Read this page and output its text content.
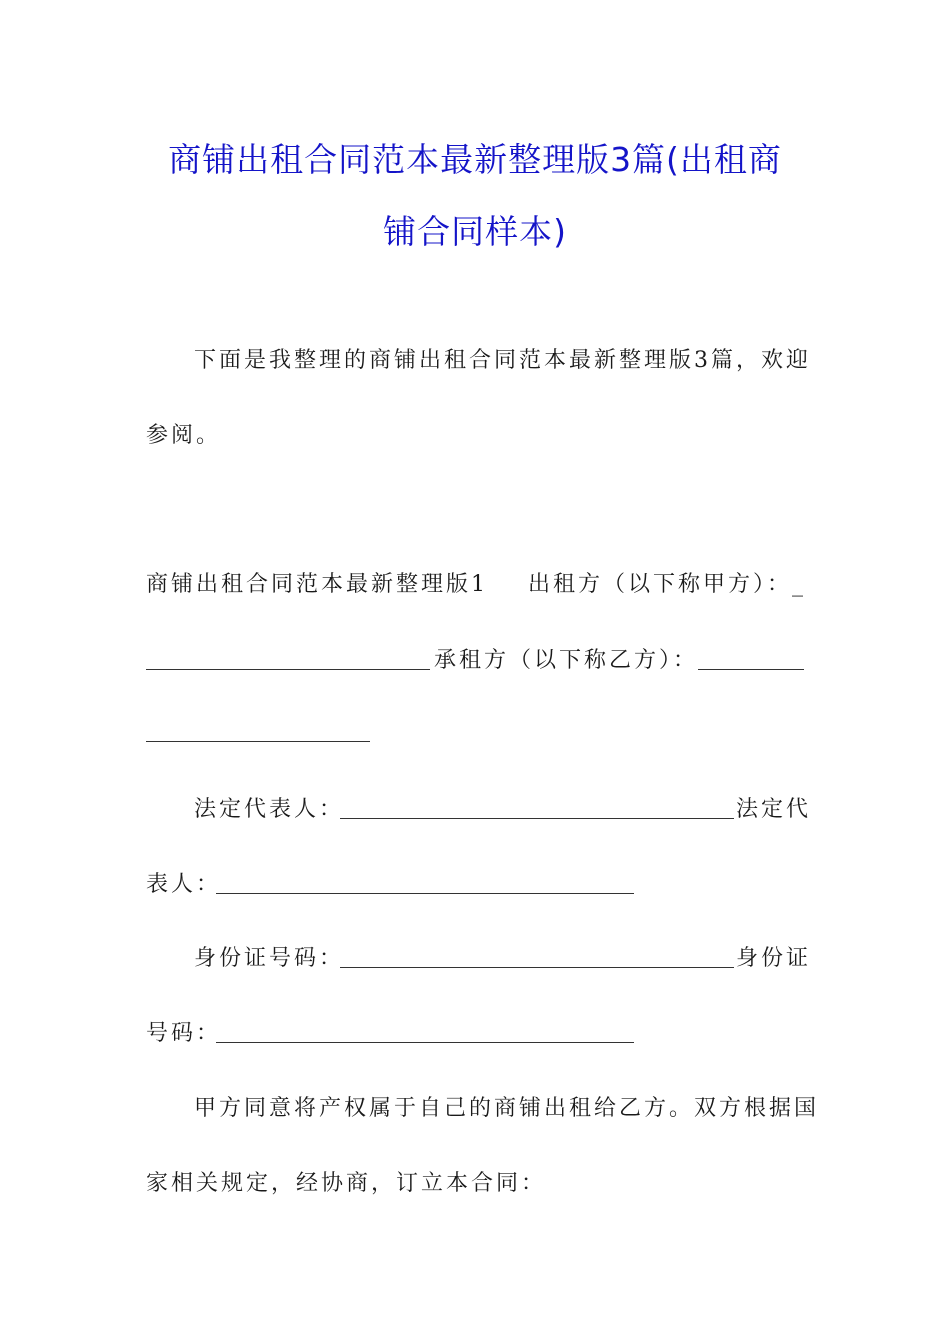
商铺出租合同范本最新整理版3篇(出租商
铺合同样本)
下面是我整理的商铺出租合同范本最新整理版3篇，欢迎
参阅。
商铺出租合同范本最新整理版1 出租方（以下称甲方）：_
承租方（以下称乙方）：
法定代表人：	法定代
表人：
身份证号码：	身份证
号码：
甲方同意将产权属于自己的商铺出租给乙方。双方根据国
家相关规定，经协商，订立本合同：
